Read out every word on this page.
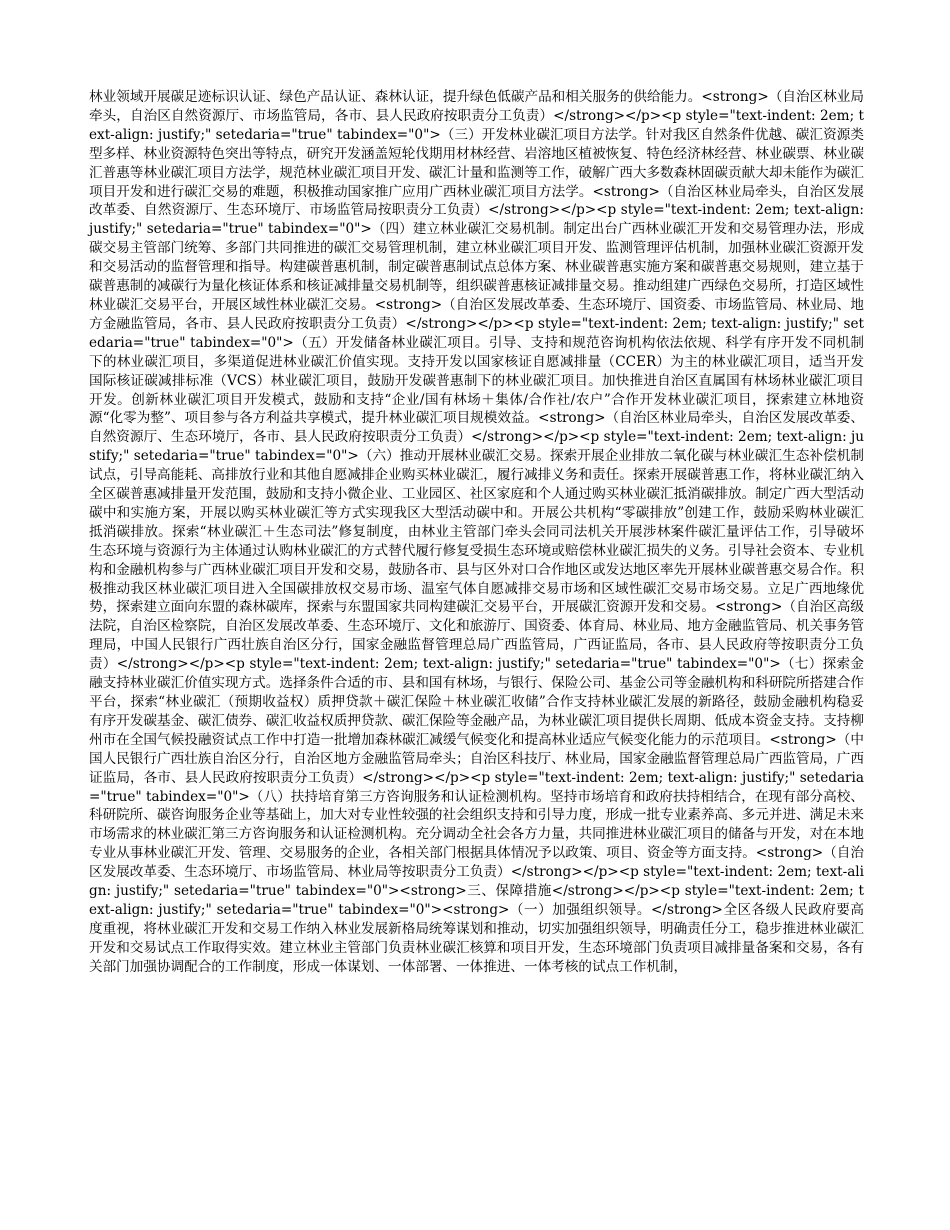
林业领域开展碳足迹标识认证、绿色产品认证、森林认证，提升绿色低碳产品和相关服务的供给能力。<strong>（自治区林业局牵头，自治区自然资源厅、市场监管局，各市、县人民政府按职责分工负责）</strong></p><p style="text-indent: 2em; text-align: justify;" setedaria="true" tabindex="0">（三）开发林业碳汇项目方法学。针对我区自然条件优越、碳汇资源类型多样、林业资源特色突出等特点，研究开发涵盖短轮伐期用材林经营、岩溶地区植被恢复、特色经济林经营、林业碳票、林业碳汇普惠等林业碳汇项目方法学，规范林业碳汇项目开发、碳汇计量和监测等工作，破解广西大多数森林固碳贡献大却未能作为碳汇项目开发和进行碳汇交易的难题，积极推动国家推广应用广西林业碳汇项目方法学。<strong>（自治区林业局牵头，自治区发展改革委、自然资源厅、生态环境厅、市场监管局按职责分工负责）</strong></p><p style="text-indent: 2em; text-align: justify;" setedaria="true" tabindex="0">（四）建立林业碳汇交易机制。制定出台广西林业碳汇开发和交易管理办法，形成碳交易主管部门统筹、多部门共同推进的碳汇交易管理机制，建立林业碳汇项目开发、监测管理评估机制，加强林业碳汇资源开发和交易活动的监督管理和指导。构建碳普惠机制，制定碳普惠制试点总体方案、林业碳普惠实施方案和碳普惠交易规则，建立基于碳普惠制的减碳行为量化核证体系和核证减排量交易机制等，组织碳普惠核证减排量交易。推动组建广西绿色交易所，打造区域性林业碳汇交易平台，开展区域性林业碳汇交易。<strong>（自治区发展改革委、生态环境厅、国资委、市场监管局、林业局、地方金融监管局，各市、县人民政府按职责分工负责）</strong></p><p style="text-indent: 2em; text-align: justify;" setedaria="true" tabindex="0">（五）开发储备林业碳汇项目。引导、支持和规范咨询机构依法依规、科学有序开发不同机制下的林业碳汇项目，多渠道促进林业碳汇价值实现。支持开发以国家核证自愿减排量（CCER）为主的林业碳汇项目，适当开发国际核证碳减排标准（VCS）林业碳汇项目，鼓励开发碳普惠制下的林业碳汇项目。加快推进自治区直属国有林场林业碳汇项目开发。创新林业碳汇项目开发模式，鼓励和支持“企业/国有林场＋集体/合作社/农户”合作开发林业碳汇项目，探索建立林地资源“化零为整”、项目参与各方利益共享模式，提升林业碳汇项目规模效益。<strong>（自治区林业局牵头，自治区发展改革委、自然资源厅、生态环境厅，各市、县人民政府按职责分工负责）</strong></p><p style="text-indent: 2em; text-align: justify;" setedaria="true" tabindex="0">（六）推动开展林业碳汇交易。探索开展企业排放二氧化碳与林业碳汇生态补偿机制试点，引导高能耗、高排放行业和其他自愿减排企业购买林业碳汇，履行减排义务和责任。探索开展碳普惠工作，将林业碳汇纳入全区碳普惠减排量开发范围，鼓励和支持小微企业、工业园区、社区家庭和个人通过购买林业碳汇抵消碳排放。制定广西大型活动碳中和实施方案，开展以购买林业碳汇等方式实现我区大型活动碳中和。开展公共机构“零碳排放”创建工作，鼓励采购林业碳汇抵消碳排放。探索“林业碳汇＋生态司法”修复制度，由林业主管部门牵头会同司法机关开展涉林案件碳汇量评估工作，引导破坏生态环境与资源行为主体通过认购林业碳汇的方式替代履行修复受损生态环境或赔偿林业碳汇损失的义务。引导社会资本、专业机构和金融机构参与广西林业碳汇项目开发和交易，鼓励各市、县与区外对口合作地区或发达地区率先开展林业碳普惠交易合作。积极推动我区林业碳汇项目进入全国碳排放权交易市场、温室气体自愿减排交易市场和区域性碳汇交易市场交易。立足广西地缘优势，探索建立面向东盟的森林碳库，探索与东盟国家共同构建碳汇交易平台，开展碳汇资源开发和交易。<strong>（自治区高级法院，自治区检察院，自治区发展改革委、生态环境厅、文化和旅游厅、国资委、体育局、林业局、地方金融监管局、机关事务管理局，中国人民银行广西壮族自治区分行，国家金融监督管理总局广西监管局，广西证监局，各市、县人民政府等按职责分工负责）</strong></p><p style="text-indent: 2em; text-align: justify;" setedaria="true" tabindex="0">（七）探索金融支持林业碳汇价值实现方式。选择条件合适的市、县和国有林场，与银行、保险公司、基金公司等金融机构和科研院所搭建合作平台，探索“林业碳汇（预期收益权）质押贷款＋碳汇保险＋林业碳汇收储”合作支持林业碳汇发展的新路径，鼓励金融机构稳妥有序开发碳基金、碳汇债券、碳汇收益权质押贷款、碳汇保险等金融产品，为林业碳汇项目提供长周期、低成本资金支持。支持柳州市在全国气候投融资试点工作中打造一批增加森林碳汇减缓气候变化和提高林业适应气候变化能力的示范项目。<strong>（中国人民银行广西壮族自治区分行，自治区地方金融监管局牵头；自治区科技厅、林业局，国家金融监督管理总局广西监管局，广西证监局，各市、县人民政府按职责分工负责）</strong></p><p style="text-indent: 2em; text-align: justify;" setedaria="true" tabindex="0">（八）扶持培育第三方咨询服务和认证检测机构。坚持市场培育和政府扶持相结合，在现有部分高校、科研院所、碳咨询服务企业等基础上，加大对专业性较强的社会组织支持和引导力度，形成一批专业素养高、多元并进、满足未来市场需求的林业碳汇第三方咨询服务和认证检测机构。充分调动全社会各方力量，共同推进林业碳汇项目的储备与开发，对在本地专业从事林业碳汇开发、管理、交易服务的企业，各相关部门根据具体情况予以政策、项目、资金等方面支持。<strong>（自治区发展改革委、生态环境厅、市场监管局、林业局等按职责分工负责）</strong></p><p style="text-indent: 2em; text-align: justify;" setedaria="true" tabindex="0"><strong>三、保障措施</strong></p><p style="text-indent: 2em; text-align: justify;" setedaria="true" tabindex="0"><strong>（一）加强组织领导。</strong>全区各级人民政府要高度重视，将林业碳汇开发和交易工作纳入林业发展新格局统筹谋划和推动，切实加强组织领导，明确责任分工，稳步推进林业碳汇开发和交易试点工作取得实效。建立林业主管部门负责林业碳汇核算和项目开发，生态环境部门负责项目减排量备案和交易，各有关部门加强协调配合的工作制度，形成一体谋划、一体部署、一体推进、一体考核的试点工作机制，
